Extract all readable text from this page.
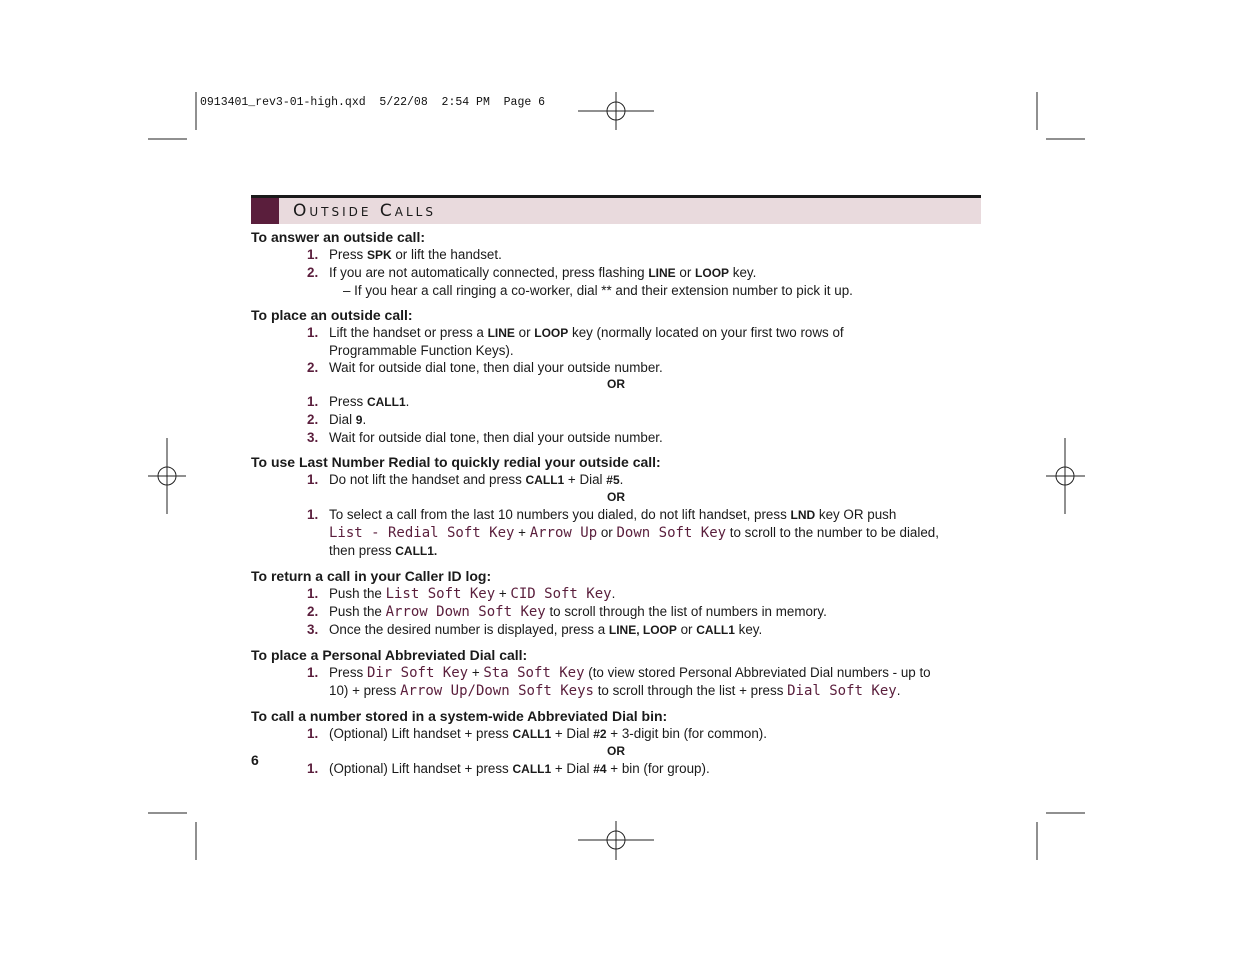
0913401_rev3-01-high.qxd  5/22/08  2:54 PM  Page 6
Outside Calls
To answer an outside call:
1. Press SPK or lift the handset.
2. If you are not automatically connected, press flashing LINE or LOOP key.
– If you hear a call ringing a co-worker, dial ** and their extension number to pick it up.
To place an outside call:
1. Lift the handset or press a LINE or LOOP key (normally located on your first two rows of
Programmable Function Keys).
2. Wait for outside dial tone, then dial your outside number.
OR
1. Press CALL1.
2. Dial 9.
3. Wait for outside dial tone, then dial your outside number.
To use Last Number Redial to quickly redial your outside call:
1. Do not lift the handset and press CALL1 + Dial #5.
OR
1. To select a call from the last 10 numbers you dialed, do not lift handset, press LND key OR push
List - Redial Soft Key + Arrow Up or Down Soft Key to scroll to the number to be dialed,
then press CALL1.
To return a call in your Caller ID log:
1. Push the List Soft Key + CID Soft Key.
2. Push the Arrow Down Soft Key to scroll through the list of numbers in memory.
3. Once the desired number is displayed, press a LINE, LOOP or CALL1 key.
To place a Personal Abbreviated Dial call:
1. Press Dir Soft Key + Sta Soft Key (to view stored Personal Abbreviated Dial numbers - up to
10) + press Arrow Up/Down Soft Keys to scroll through the list + press Dial Soft Key.
To call a number stored in a system-wide Abbreviated Dial bin:
1. (Optional) Lift handset + press CALL1 + Dial #2 + 3-digit bin (for common).
OR
1. (Optional) Lift handset + press CALL1 + Dial #4 + bin (for group).
6
